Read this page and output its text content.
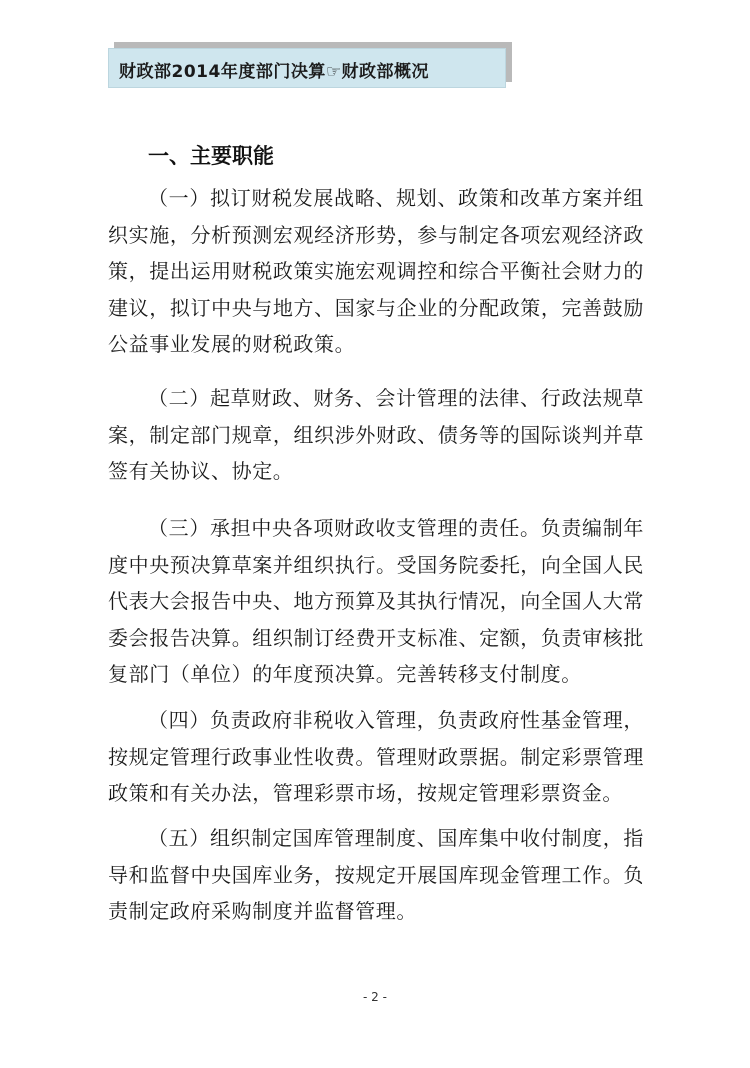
财政部2014年度部门决算☞财政部概况
一、主要职能

（一）拟订财税发展战略、规划、政策和改革方案并组织实施，分析预测宏观经济形势，参与制定各项宏观经济政策，提出运用财税政策实施宏观调控和综合平衡社会财力的建议，拟订中央与地方、国家与企业的分配政策，完善鼓励公益事业发展的财税政策。

（二）起草财政、财务、会计管理的法律、行政法规草案，制定部门规章，组织涉外财政、债务等的国际谈判并草签有关协议、协定。

（三）承担中央各项财政收支管理的责任。负责编制年度中央预决算草案并组织执行。受国务院委托，向全国人民代表大会报告中央、地方预算及其执行情况，向全国人大常委会报告决算。组织制订经费开支标准、定额，负责审核批复部门（单位）的年度预决算。完善转移支付制度。

（四）负责政府非税收入管理，负责政府性基金管理，按规定管理行政事业性收费。管理财政票据。制定彩票管理政策和有关办法，管理彩票市场，按规定管理彩票资金。

（五）组织制定国库管理制度、国库集中收付制度，指导和监督中央国库业务，按规定开展国库现金管理工作。负责制定政府采购制度并监督管理。

- 2 -
